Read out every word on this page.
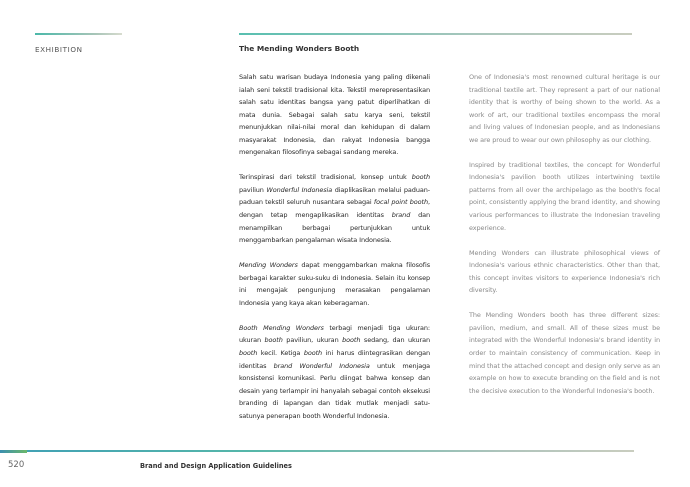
EXHIBITION	The Mending Wonders Booth

Salah satu warisan budaya Indonesia yang paling dikenali ialah seni tekstil tradisional kita. Tekstil merepresentasikan salah satu identitas bangsa yang patut diperlihatkan di mata dunia. Sebagai salah satu karya seni, tekstil menunjukkan nilai-nilai moral dan kehidupan di dalam masyarakat Indonesia, dan rakyat Indonesia bangga mengenakan filosofinya sebagai sandang mereka.

Terinspirasi dari tekstil tradisional, konsep untuk booth paviliun Wonderful Indonesia diaplikasikan melalui paduan-paduan tekstil seluruh nusantara sebagai focal point booth, dengan tetap mengaplikasikan identitas brand dan menampilkan berbagai pertunjukkan untuk menggambarkan pengalaman wisata Indonesia.

Mending Wonders dapat menggambarkan makna filosofis berbagai karakter suku-suku di Indonesia. Selain itu konsep ini mengajak pengunjung merasakan pengalaman Indonesia yang kaya akan keberagaman.

Booth Mending Wonders terbagi menjadi tiga ukuran: ukuran booth paviliun, ukuran booth sedang, dan ukuran booth kecil. Ketiga booth ini harus diintegrasikan dengan identitas brand Wonderful Indonesia untuk menjaga konsistensi komunikasi. Perlu diingat bahwa konsep dan desain yang terlampir ini hanyalah sebagai contoh eksekusi branding di lapangan dan tidak mutlak menjadi satu-satunya penerapan booth Wonderful Indonesia.

One of Indonesia's most renowned cultural heritage is our traditional textile art. They represent a part of our national identity that is worthy of being shown to the world. As a work of art, our traditional textiles encompass the moral and living values of Indonesian people, and as Indonesians we are proud to wear our own philosophy as our clothing.

Inspired by traditional textiles, the concept for Wonderful Indonesia's pavilion booth utilizes intertwining textile patterns from all over the archipelago as the booth's focal point, consistently applying the brand identity, and showing various performances to illustrate the Indonesian traveling experience.

Mending Wonders can illustrate philosophical views of Indonesia's various ethnic characteristics. Other than that, this concept invites visitors to experience Indonesia's rich diversity.

The Mending Wonders booth has three different sizes: pavilion, medium, and small. All of these sizes must be integrated with the Wonderful Indonesia's brand identity in order to maintain consistency of communication. Keep in mind that the attached concept and design only serve as an example on how to execute branding on the field and is not the decisive execution to the Wonderful Indonesia's booth.

520	Brand and Design Application Guidelines
